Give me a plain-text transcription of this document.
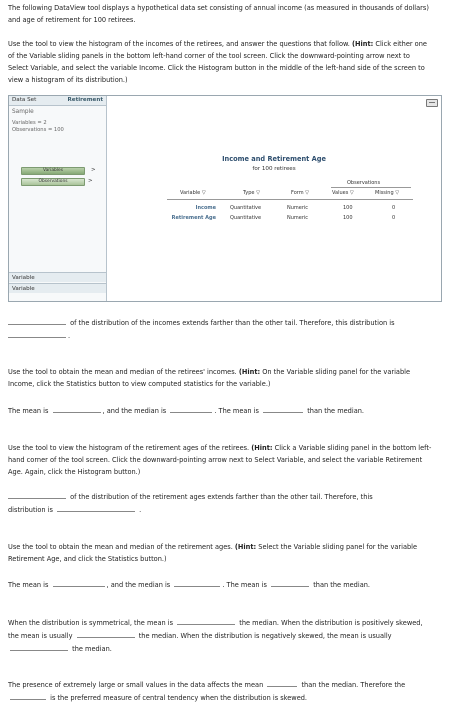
The following DataView tool displays a hypothetical data set consisting of annual income (as measured in thousands of dollars) and age of retirement for 100 retirees.
Use the tool to view the histogram of the incomes of the retirees, and answer the questions that follow. (Hint: Click either one of the Variable sliding panels in the bottom left-hand corner of the tool screen. Click the downward-pointing arrow next to Select Variable, and select the variable Income. Click the Histogram button in the middle of the left-hand side of the screen to view a histogram of its distribution.)
Data Set	Retirement
Sample
Variables = 2
Observations = 100
Variables	>
Observations	>
Variable
Variable
Income and Retirement Age
for 100 retirees
Observations
Variable ▽	Type ▽	Form ▽	Values ▽	Missing ▽
Income	Quantitative	Numeric	100	0
Retirement Age	Quantitative	Numeric	100	0
of the distribution of the incomes extends farther than the other tail. Therefore, this distribution is
.
Use the tool to obtain the mean and median of the retirees' incomes. (Hint: On the Variable sliding panel for the variable Income, click the Statistics button to view computed statistics for the variable.)
The mean is	, and the median is	. The mean is	than the median.
Use the tool to view the histogram of the retirement ages of the retirees. (Hint: Click a Variable sliding panel in the bottom left-hand corner of the tool screen. Click the downward-pointing arrow next to Select Variable, and select the variable Retirement Age. Again, click the Histogram button.)
of the distribution of the retirement ages extends farther than the other tail. Therefore, this
distribution is	.
Use the tool to obtain the mean and median of the retirement ages. (Hint: Select the Variable sliding panel for the variable Retirement Age, and click the Statistics button.)
The mean is	, and the median is	. The mean is	than the median.
When the distribution is symmetrical, the mean is	the median. When the distribution is positively skewed, the mean is usually	the median. When the distribution is negatively skewed, the mean is usually  the median.
The presence of extremely large or small values in the data affects the mean	than the median. Therefore the  is the preferred measure of central tendency when the distribution is skewed.
